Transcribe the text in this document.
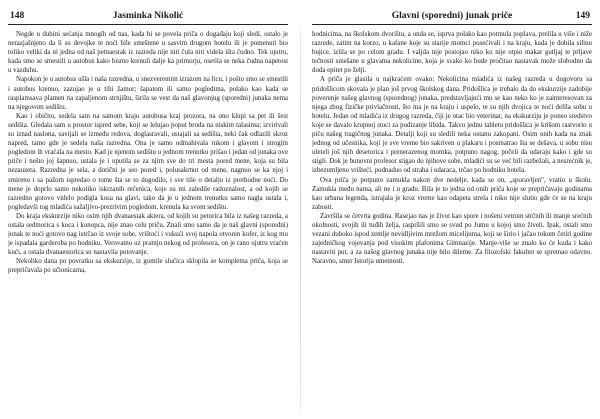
148	Jasminka Nikolić

Negde u dubini sećanja mnogih od nas, kada bi se povela priča o događaju koji sledi, ostalo je nerazjašnjeno da li su devojke te noći bile smeštene u sasvim drugom hotelu ili je pomenuti bio toliko veliki da ni jedna od naš petnaestak iz razreda nije niti čula niti videla išta čudno. Tek ujutru, kada smo se smestili u autobus kako bismo krenuli dalje ka primorju, osetila se neka čudna napetost u vazduhu.

Napokon je u autobus ušla i naša razredna, u snezveremim izrazom na licu, i pošto smo se smestili i autobus krenuo, zazujao je u tihi žamor; šapatom ili samo pogledima, polako kao kada se rasplamsava plamen na zapaljenom strnjištu, širila se vest da naš glavonjug (sporedni) junaka nema na njegovom sedištu.

Kao i obično, sedela sam na samom kraju autobusa kraj prozora, na ono klupi sa pet ili šest sedišta. Gledala sam u prostor ispred sebe, koji se lelujao poput broda na niskim talasima; izvirivali su iznad naslona, savijali se između redova, doglasravali, ustajali sa sedišta, neki čak odlazili skroz napred, tamo gde je sedela naša razredna. Ona je samo odmahivala rukom i glavom i strogim pogledom ih vraćala na mesto. Kad je njenom sedištu u jednom trenutku prišao i jedan od junaka ove priče i nešto joj šapnuo, ustala je i uputila se za njim sve do tri mesta pored mene, koja su bila nezauzeta. Razredna je sela, a dotični je seo pored i, polusakrnut od mene, nagnuo se ka njoj i smireno i sa pažom ispredao o tome šta se to dogodilo, i sve tiše o detalju iz prethodne noći. Do mene je doprlo samo nekoliko iskrzanih rečenica, koje su mi zaledile radoznalost, a od kojih se razredno gotovo videlo podigla kosa na glavi, tako da je u jednom trenutku samo nagla ustala i, pogledavši tog mladića sažaljivo-prezrivim pogledom, krenula ka svom sedištu.

Do kraja ekskurzije niko osim njih dvanaestak aktera, od kojih su petorica bila iz našeg razreda, a ostala sedmorica s koca i konopca, nije znao celu priču. Znali smo samo da je naš glavni (sporedni) junak te noći gotovo nag istrčao iz svoje sobe, vrištoći i vukući svoj napola otvoren kofer, iz kog mu je ispadala garderoba po hodniku. Verovatno uz pratnju nekog od profesora, on je rano ujutru vraćen kući, a ostala dvanaestorica su nastavila putovanje.

Nekoliko dana po povratku sa ekskurzije, iz gomile slučica sklopila se kompletna priča, koja se prepričavala po učionicama,

Glavni (sporedni) junak priče	149

hodnicima, na školskom dvorištu, a onda se, isprva polako kao potmula poplava, prelila u više i niže razrede, zatim na korzo, u kafane koje su starije momci posećivali i na kraju, kada je dobila silinu bujice, izlila se po celom gradu. I valjda nije postojao niko ko nije otpio makar gutljaj te prljave tečnosti smešane u glavama nekolicine, koja je svako ko bude pročitao nastavak može slobodno da doda epitet po želji.

A priča je glasila u najkraćem ovako: Nekolicina mladića iz našeg razreda u dogovoru sa pridošlicom skovala je plan još prvog školskog dana. Pridošlica je trebalo da do ekskurzije zadobije poverenje našeg glavnog (sporednog) junaka, predstavljajući mu se kao neko ko je zainteresovan za njega zbog fizičke privlačnosti, što ma je na kraju i uspelo, te su njih dvojica te noći delila sobu u hotelu. Jedan od mladića iz drugog razreda, čiji je otac bio veterinar, na ekskurziju je poneo sredstvo koje se davalo krupnoj stoci za podizanje libida. Takvu jednu tabletu pridošlica je krišom rastvorio u piću našeg tragičnog junaka. Detalji koji su sledili neka ostanu zakopani. Osim onih kada na znak jednog od učesnika, koji je sve vreme bio sakriven u plakaru i posmatrao šta se dešava, u sobu nisu uleteli još njih desetorica i prenerazenog momka, potpuno nagog, počeli da udaraju kako i gde su stigli. Dok je bunovni profesor stigao do njihove sobe, mladići su se već bili razbežali, a nesrećnik je, izbezumljeno vrišteći, podnaduo od straha i udaraca, trčao po hodniku hotela.

Ova priča je potpuno zamukla nakon dve nedelje, kada se on, „sporavljen", vratio u školu. Zamukla među nama, ali ne i u gradu. Bila je to jedna od onih priča koje se prepričavaju godinama kao urbana legenda, istrajala je kroz vreme kao odapeta strela i niko nije slutio gde će se na kraju zabosti.

Završila se četvrta godina. Rasejao nas je život kao spore i nošeni vetrom strčnih ili manje srećnih okolnosti, svojih ili tuđih želja, raspršili smo se svud po Jumu u kojoj smo živeli. Ipak, ostali smo vezani duboko ispod zemlje nevidljivim mrežom micelijuma, koji se širio i jačao tokom četiri godine zajedničkog vojevanja pod visokim plafonima Gimnazije. Manje-više se znalo ko će kuda i kako nastaviti put, a za našeg glavnog junaka nije bilo dileme. Za filozofski fakultet se spremao odavno. Naravno, smer Istorija umetnosti.
